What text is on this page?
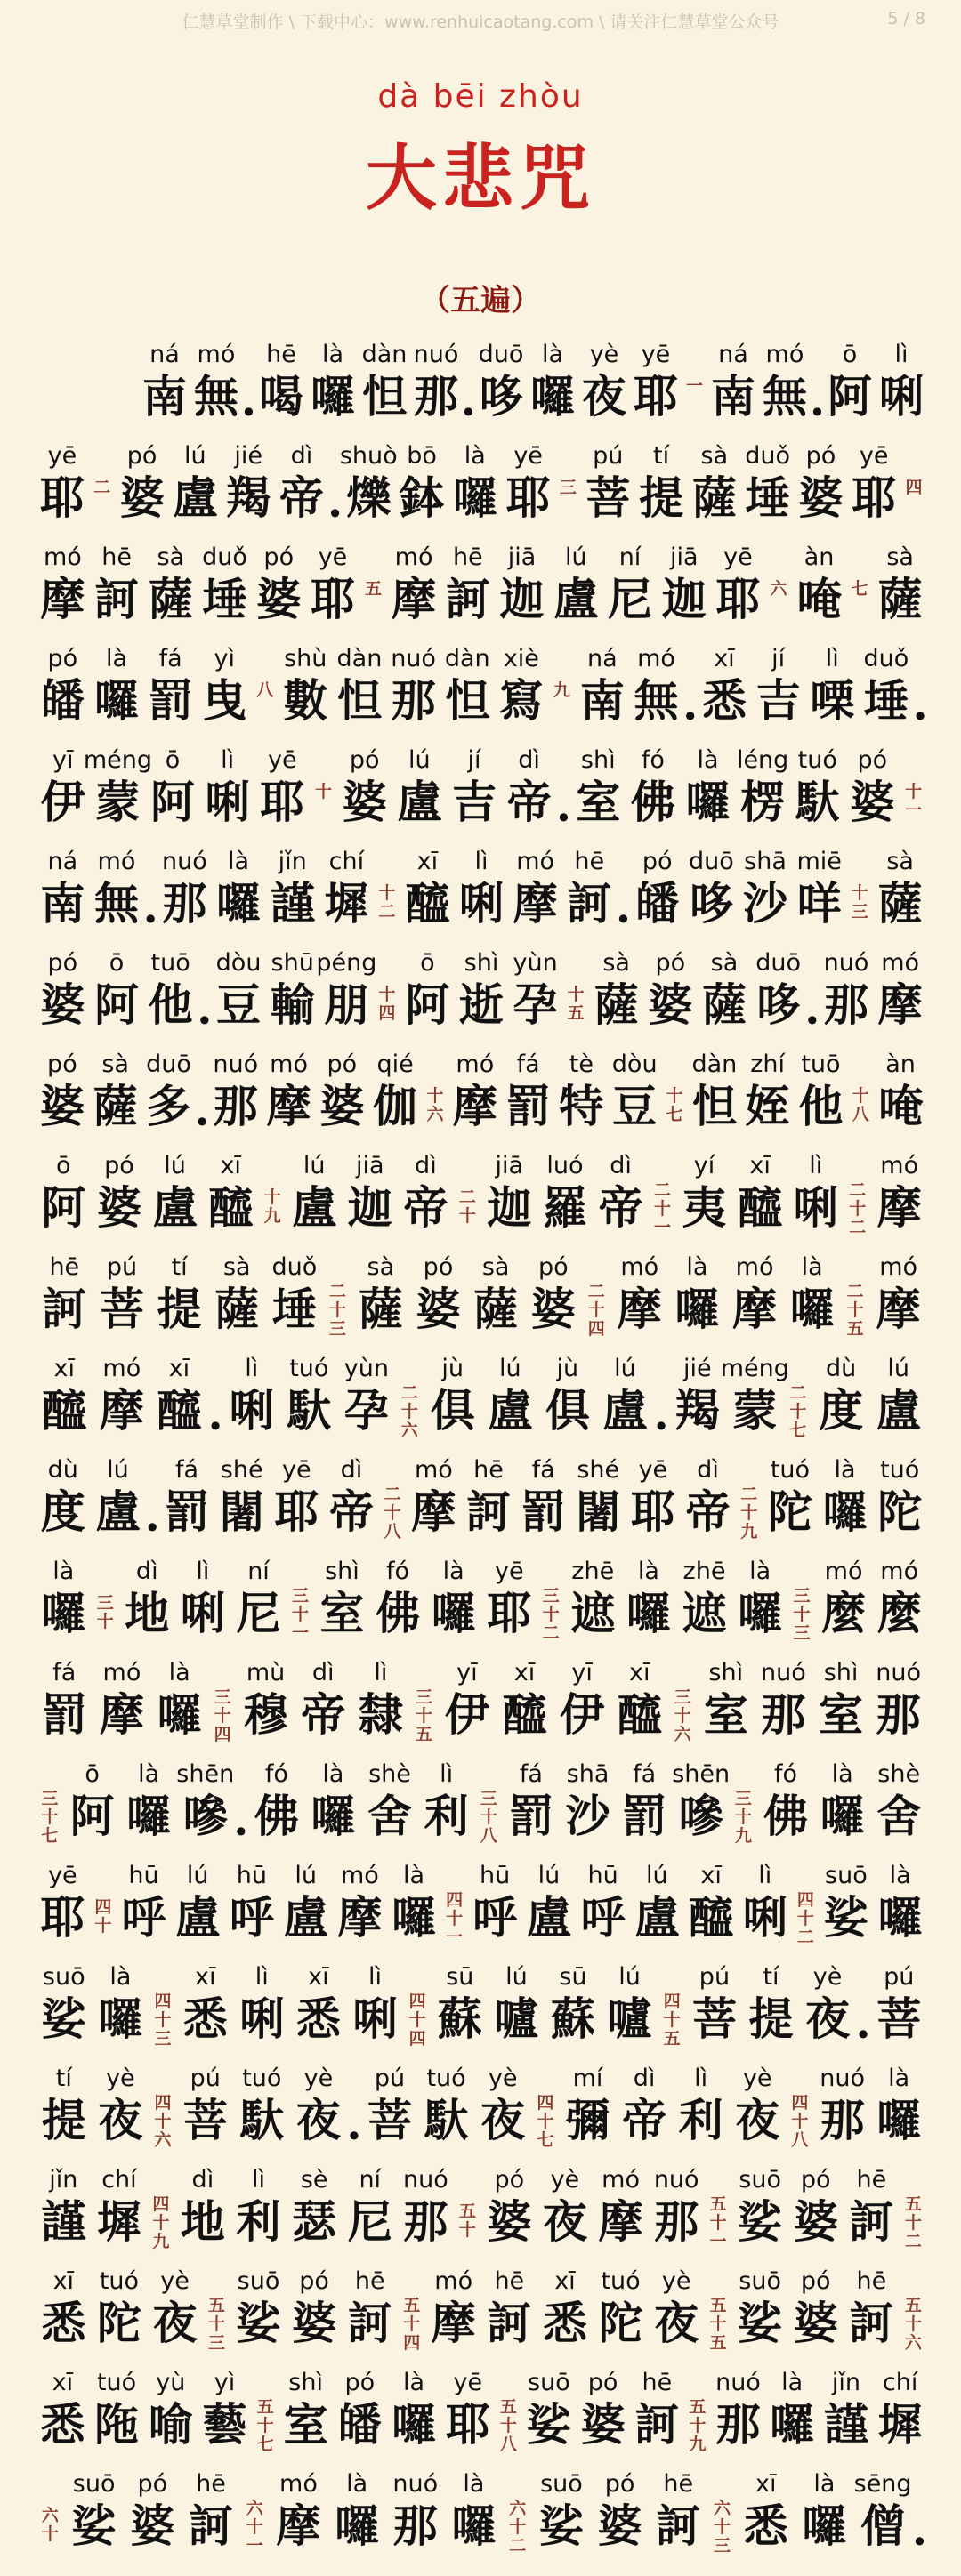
仁慧草堂制作 \ 下载中心：www.renhuicaotang.com \ 请关注仁慧草堂公众号	5 / 8
dà bēi zhòu
大悲咒
（五遍）
ná
南
mó
無 .
hē
喝
là
囉
dàn
怛
nuó
那 .
duō
哆
là
囉
yè
夜
yē
耶 一
ná
南
mó
無 .
ō
阿
lì
唎
yē
耶 二
pó
婆
lú
盧
jié
羯
dì
帝 .
shuò
爍
bō
鉢
là
囉
yē
耶 三
pú
菩
tí
提
sà
薩
duǒ
埵
pó
婆
yē
耶 四
mó
摩
hē
訶
sà
薩
duǒ
埵
pó
婆
yē
耶 五
mó
摩
hē
訶
jiā
迦
lú
盧
ní
尼
jiā
迦
yē
耶 六
àn
唵 七
sà
薩
pó
皤
là
囉
fá
罰
yì
曳 八
shù
數
dàn
怛
nuó
那
dàn
怛
xiè
寫 九
ná
南
mó
無 .
xī
悉
jí
吉
lì
㗚
duǒ
埵 .
yī
伊
méng
蒙
ō
阿
lì
唎
yē
耶 十
pó
婆
lú
盧
jí
吉
dì
帝 .
shì
室
fó
佛
là
囉
léng
楞
tuó
馱
pó
婆 十
一
ná
南
mó
無 .
nuó
那
là
囉
jǐn
謹
chí
墀 十
二
xī
醯
lì
唎
mó
摩
hē
訶 .
pó
皤
duō
哆
shā
沙
miē
咩 十
三
sà
薩
pó
婆
ō
阿
tuō
他 .
dòu
豆
shū
輸
péng
朋 十
四
ō
阿
shì
逝
yùn
孕 十
五
sà
薩
pó
婆
sà
薩
duō
哆 .
nuó
那
mó
摩
pó
婆
sà
薩
duō
多 .
nuó
那
mó
摩
pó
婆
qié
伽 十
六
mó
摩
fá
罰
tè
特
dòu
豆 十
七
dàn
怛
zhí
姪
tuō
他 十
八
àn
唵
ō
阿
pó
婆
lú
盧
xī
醯 十
九
lú
盧
jiā
迦
dì
帝 二
十
jiā
迦
luó
羅
dì
帝 二
十
一
yí
夷
xī
醯
lì
唎 二
十
二
mó
摩
hē
訶
pú
菩
tí
提
sà
薩
duǒ
埵 二
十
三
sà
薩
pó
婆
sà
薩
pó
婆 二
十
四
mó
摩
là
囉
mó
摩
là
囉 二
十
五
mó
摩
xī
醯
mó
摩
xī
醯 .
lì
唎
tuó
馱
yùn
孕 二
十
六
jù
俱
lú
盧
jù
俱
lú
盧 .
jié
羯
méng
蒙 二
十
七
dù
度
lú
盧
dù
度
lú
盧 .
fá
罰
shé
闍
yē
耶
dì
帝 二
十
八
mó
摩
hē
訶
fá
罰
shé
闍
yē
耶
dì
帝 二
十
九
tuó
陀
là
囉
tuó
陀
là
囉 三
十
dì
地
lì
唎
ní
尼 三
十
一
shì
室
fó
佛
là
囉
yē
耶 三
十
二
zhē
遮
là
囉
zhē
遮
là
囉 三
十
三
mó
麼
mó
麼
fá
罰
mó
摩
là
囉 三
十
四
mù
穆
dì
帝
lì
隸 三
十
五
yī
伊
xī
醯
yī
伊
xī
醯 三
十
六
shì
室
nuó
那
shì
室
nuó
那
三
十
七
ō
阿
là
囉
shēn
嘇 .
fó
佛
là
囉
shè
舍
lì
利 三
十
八
fá
罰
shā
沙
fá
罰
shēn
嘇 三
十
九
fó
佛
là
囉
shè
舍
yē
耶 四
十
hū
呼
lú
盧
hū
呼
lú
盧
mó
摩
là
囉 四
十
一
hū
呼
lú
盧
hū
呼
lú
盧
xī
醯
lì
唎 四
十
二
suō
娑
là
囉
suō
娑
là
囉 四
十
三
xī
悉
lì
唎
xī
悉
lì
唎 四
十
四
sū
蘇
lú
嚧
sū
蘇
lú
嚧 四
十
五
pú
菩
tí
提
yè
夜 .
pú
菩
tí
提
yè
夜 四
十
六
pú
菩
tuó
馱
yè
夜 .
pú
菩
tuó
馱
yè
夜 四
十
七
mí
彌
dì
帝
lì
利
yè
夜 四
十
八
nuó
那
là
囉
jǐn
謹
chí
墀 四
十
九
dì
地
lì
利
sè
瑟
ní
尼
nuó
那 五
十
pó
婆
yè
夜
mó
摩
nuó
那 五
十
一
suō
娑
pó
婆
hē
訶 五
十
二
xī
悉
tuó
陀
yè
夜 五
十
三
suō
娑
pó
婆
hē
訶 五
十
四
mó
摩
hē
訶
xī
悉
tuó
陀
yè
夜 五
十
五
suō
娑
pó
婆
hē
訶 五
十
六
xī
悉
tuó
陁
yù
喻
yì
藝 五
十
七
shì
室
pó
皤
là
囉
yē
耶 五
十
八
suō
娑
pó
婆
hē
訶 五
十
九
nuó
那
là
囉
jǐn
謹
chí
墀
六
十
suō
娑
pó
婆
hē
訶 六
十
一
mó
摩
là
囉
nuó
那
là
囉 六
十
二
suō
娑
pó
婆
hē
訶 六
十
三
xī
悉
là
囉
sēng
僧 .
